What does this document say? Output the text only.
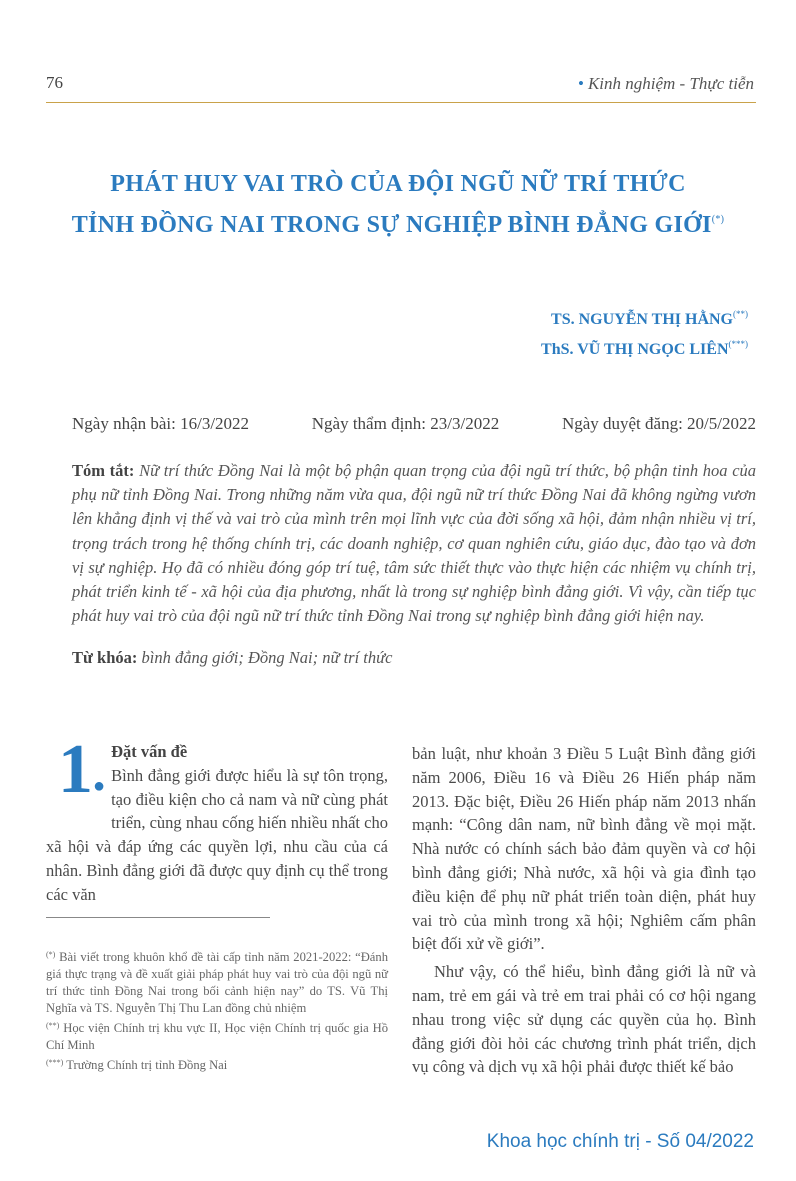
76	• Kinh nghiệm - Thực tiễn
PHÁT HUY VAI TRÒ CỦA ĐỘI NGŨ NỮ TRÍ THỨC
TỈNH ĐỒNG NAI TRONG SỰ NGHIỆP BÌNH ĐẲNG GIỚI(*)
TS. NGUYỄN THỊ HẰNG(**)
ThS. VŨ THỊ NGỌC LIÊN(***)
Ngày nhận bài: 16/3/2022	Ngày thẩm định: 23/3/2022	Ngày duyệt đăng: 20/5/2022
Tóm tắt: Nữ trí thức Đồng Nai là một bộ phận quan trọng của đội ngũ trí thức, bộ phận tinh hoa của phụ nữ tỉnh Đồng Nai. Trong những năm vừa qua, đội ngũ nữ trí thức Đồng Nai đã không ngừng vươn lên khẳng định vị thế và vai trò của mình trên mọi lĩnh vực của đời sống xã hội, đảm nhận nhiều vị trí, trọng trách trong hệ thống chính trị, các doanh nghiệp, cơ quan nghiên cứu, giáo dục, đào tạo và đơn vị sự nghiệp. Họ đã có nhiều đóng góp trí tuệ, tâm sức thiết thực vào thực hiện các nhiệm vụ chính trị, phát triển kinh tế - xã hội của địa phương, nhất là trong sự nghiệp bình đẳng giới. Vì vậy, cần tiếp tục phát huy vai trò của đội ngũ nữ trí thức tỉnh Đồng Nai trong sự nghiệp bình đẳng giới hiện nay.
Từ khóa: bình đẳng giới; Đồng Nai; nữ trí thức
1●
Đặt vấn đề
Bình đẳng giới được hiểu là sự tôn trọng, tạo điều kiện cho cả nam và nữ cùng phát triển, cùng nhau cống hiến nhiều nhất cho xã hội và đáp ứng các quyền lợi, nhu cầu của cá nhân. Bình đẳng giới đã được quy định cụ thể trong các văn

(*) Bài viết trong khuôn khổ đề tài cấp tỉnh năm 2021-2022: “Đánh giá thực trạng và đề xuất giải pháp phát huy vai trò của đội ngũ nữ trí thức tỉnh Đồng Nai trong bối cảnh hiện nay” do TS. Vũ Thị Nghĩa và TS. Nguyễn Thị Thu Lan đồng chủ nhiệm

(**) Học viện Chính trị khu vực II, Học viện Chính trị quốc gia Hồ Chí Minh

(***) Trường Chính trị tỉnh Đồng Nai

bản luật, như khoản 3 Điều 5 Luật Bình đẳng giới năm 2006, Điều 16 và Điều 26 Hiến pháp năm 2013. Đặc biệt, Điều 26 Hiến pháp năm 2013 nhấn mạnh: “Công dân nam, nữ bình đẳng về mọi mặt. Nhà nước có chính sách bảo đảm quyền và cơ hội bình đẳng giới; Nhà nước, xã hội và gia đình tạo điều kiện để phụ nữ phát triển toàn diện, phát huy vai trò của mình trong xã hội; Nghiêm cấm phân biệt đối xử về giới”.

Như vậy, có thể hiểu, bình đẳng giới là nữ và nam, trẻ em gái và trẻ em trai phải có cơ hội ngang nhau trong việc sử dụng các quyền của họ. Bình đẳng giới đòi hỏi các chương trình phát triển, dịch vụ công và dịch vụ xã hội phải được thiết kế bảo

Khoa học chính trị - Số 04/2022
